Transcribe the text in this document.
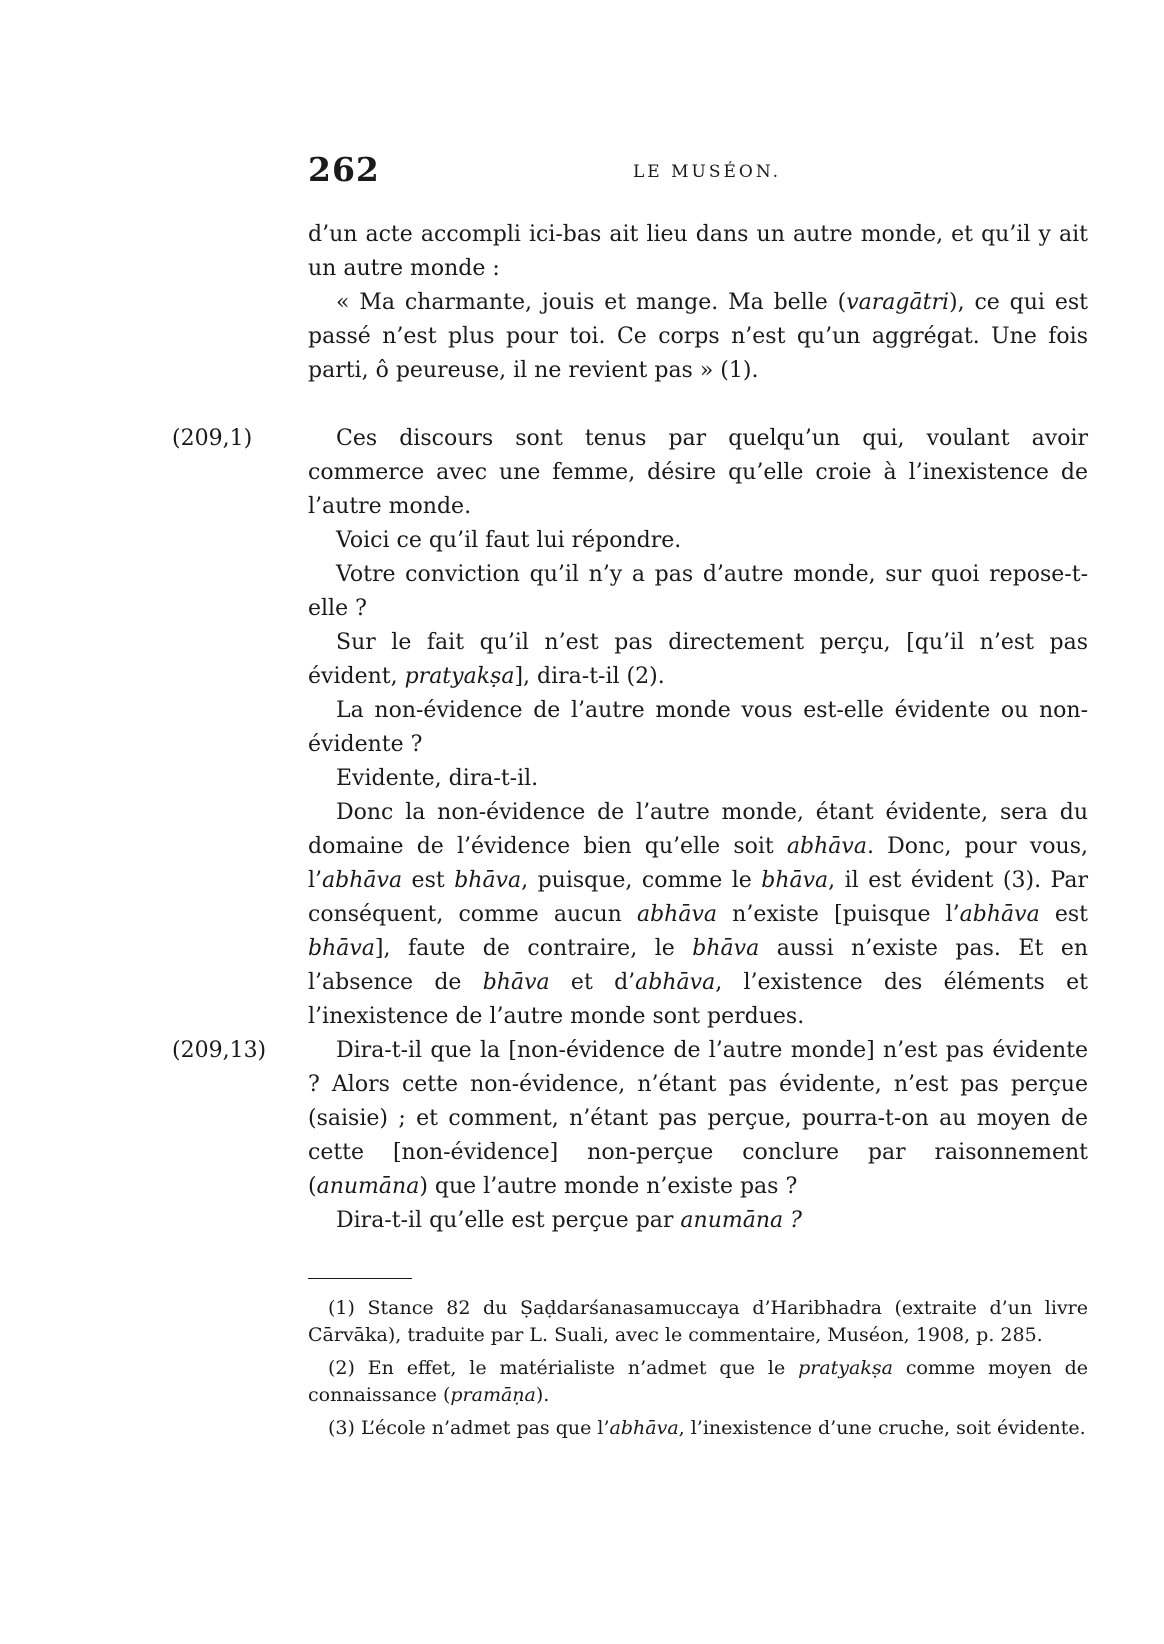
262	LE MUSÉON.

d’un acte accompli ici-bas ait lieu dans un autre monde, et qu’il y ait un autre monde :

« Ma charmante, jouis et mange. Ma belle (varagātri), ce qui est passé n’est plus pour toi. Ce corps n’est qu’un aggrégat. Une fois parti, ô peureuse, il ne revient pas » (1).

(209,1)	Ces discours sont tenus par quelqu’un qui, voulant avoir commerce avec une femme, désire qu’elle croie à l’inexistence de l’autre monde.

Voici ce qu’il faut lui répondre.

Votre conviction qu’il n’y a pas d’autre monde, sur quoi repose-t-elle ?

Sur le fait qu’il n’est pas directement perçu, [qu’il n’est pas évident, pratyakṣa], dira-t-il (2).

La non-évidence de l’autre monde vous est-elle évidente ou non-évidente ?

Evidente, dira-t-il.

Donc la non-évidence de l’autre monde, étant évidente, sera du domaine de l’évidence bien qu’elle soit abhāva. Donc, pour vous, l’abhāva est bhāva, puisque, comme le bhāva, il est évident (3). Par conséquent, comme aucun abhāva n’existe [puisque l’abhāva est bhāva], faute de contraire, le bhāva aussi n’existe pas. Et en l’absence de bhāva et d’abhāva, l’existence des éléments et l’inexistence de l’autre monde sont perdues.

(209,13)	Dira-t-il que la [non-évidence de l’autre monde] n’est pas évidente ? Alors cette non-évidence, n’étant pas évidente, n’est pas perçue (saisie) ; et comment, n’étant pas perçue, pourra-t-on au moyen de cette [non-évidence] non-perçue conclure par raisonnement (anumāna) que l’autre monde n’existe pas ?

Dira-t-il qu’elle est perçue par anumāna ?

(1) Stance 82 du Ṣaḍdarśanasamuccaya d’Haribhadra (extraite d’un livre Cārvāka), traduite par L. Suali, avec le commentaire, Muséon, 1908, p. 285.

(2) En effet, le matérialiste n’admet que le pratyakṣa comme moyen de connaissance (pramāṇa).

(3) L’école n’admet pas que l’abhāva, l’inexistence d’une cruche, soit évidente.
